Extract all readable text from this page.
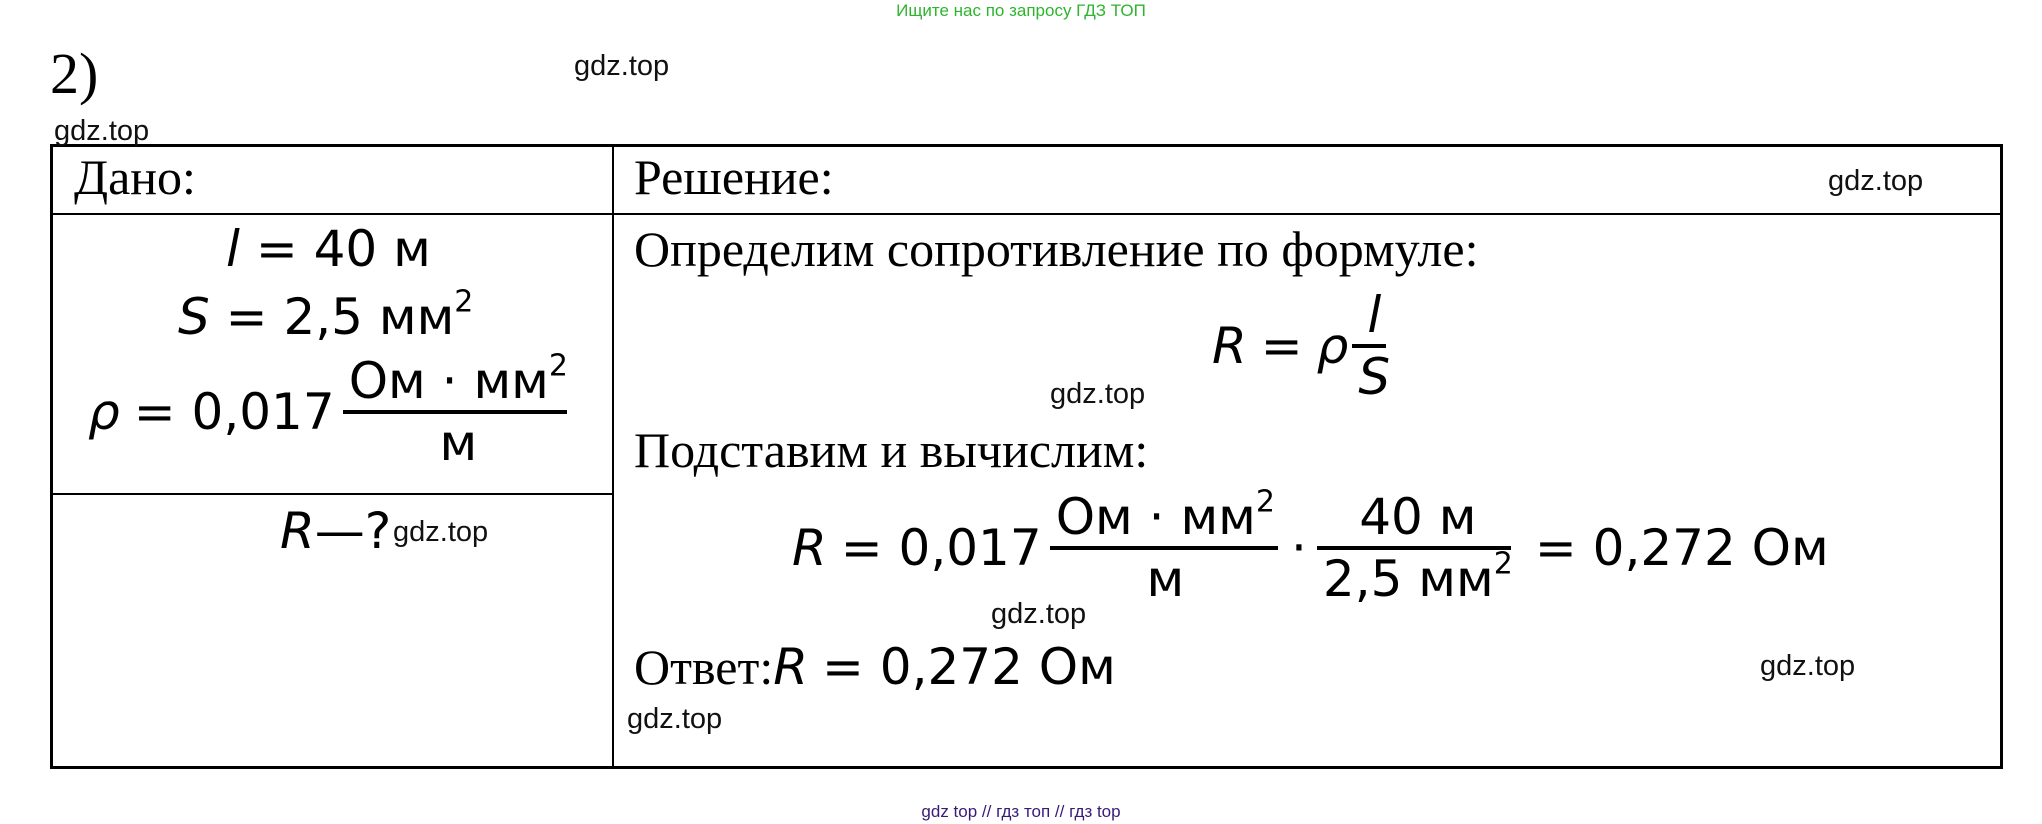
Ищите нас по запросу ГДЗ ТОП
2)
Дано:	Решение:
l = 40 м
S = 2,5 $мм^2$
$\rho = 0,017 \frac{Ом \cdot мм^2}{м}$
R—?
Определим сопротивление по формуле:
R = ρ $\frac{l}{S}$
Подставим и вычислим:
$R = 0,017 \frac{Ом \cdot мм^2}{м} \cdot \frac{40 м}{2,5 мм^2} = 0,272$ Ом
Ответ: R = 0,272 Ом
gdz.top
gdz.top
gdz.top
gdz.top
gdz.top
gdz.top
gdz.top
gdz.top
gdz top // гдз топ // гдз top
